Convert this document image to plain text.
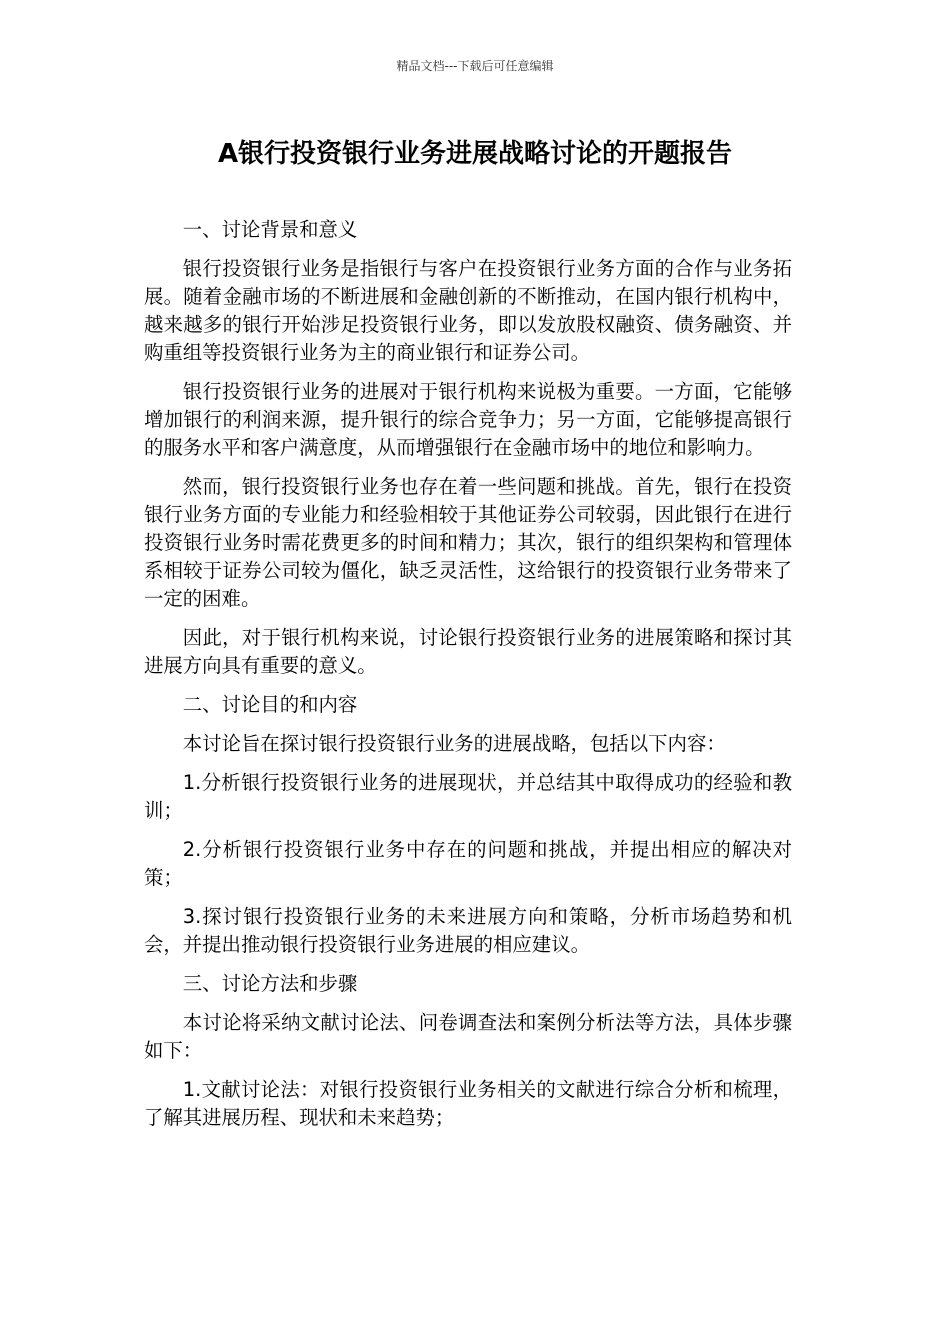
精品文档---下载后可任意编辑
A银行投资银行业务进展战略讨论的开题报告

一、讨论背景和意义

银行投资银行业务是指银行与客户在投资银行业务方面的合作与业务拓展。随着金融市场的不断进展和金融创新的不断推动，在国内银行机构中，越来越多的银行开始涉足投资银行业务，即以发放股权融资、债务融资、并购重组等投资银行业务为主的商业银行和证券公司。

银行投资银行业务的进展对于银行机构来说极为重要。一方面，它能够增加银行的利润来源，提升银行的综合竞争力；另一方面，它能够提高银行的服务水平和客户满意度，从而增强银行在金融市场中的地位和影响力。

然而，银行投资银行业务也存在着一些问题和挑战。首先，银行在投资银行业务方面的专业能力和经验相较于其他证券公司较弱，因此银行在进行投资银行业务时需花费更多的时间和精力；其次，银行的组织架构和管理体系相较于证券公司较为僵化，缺乏灵活性，这给银行的投资银行业务带来了一定的困难。

因此，对于银行机构来说，讨论银行投资银行业务的进展策略和探讨其进展方向具有重要的意义。

二、讨论目的和内容

本讨论旨在探讨银行投资银行业务的进展战略，包括以下内容：

1.分析银行投资银行业务的进展现状，并总结其中取得成功的经验和教训；

2.分析银行投资银行业务中存在的问题和挑战，并提出相应的解决对策；

3.探讨银行投资银行业务的未来进展方向和策略，分析市场趋势和机会，并提出推动银行投资银行业务进展的相应建议。

三、讨论方法和步骤

本讨论将采纳文献讨论法、问卷调查法和案例分析法等方法，具体步骤如下：

1.文献讨论法：对银行投资银行业务相关的文献进行综合分析和梳理，了解其进展历程、现状和未来趋势；
